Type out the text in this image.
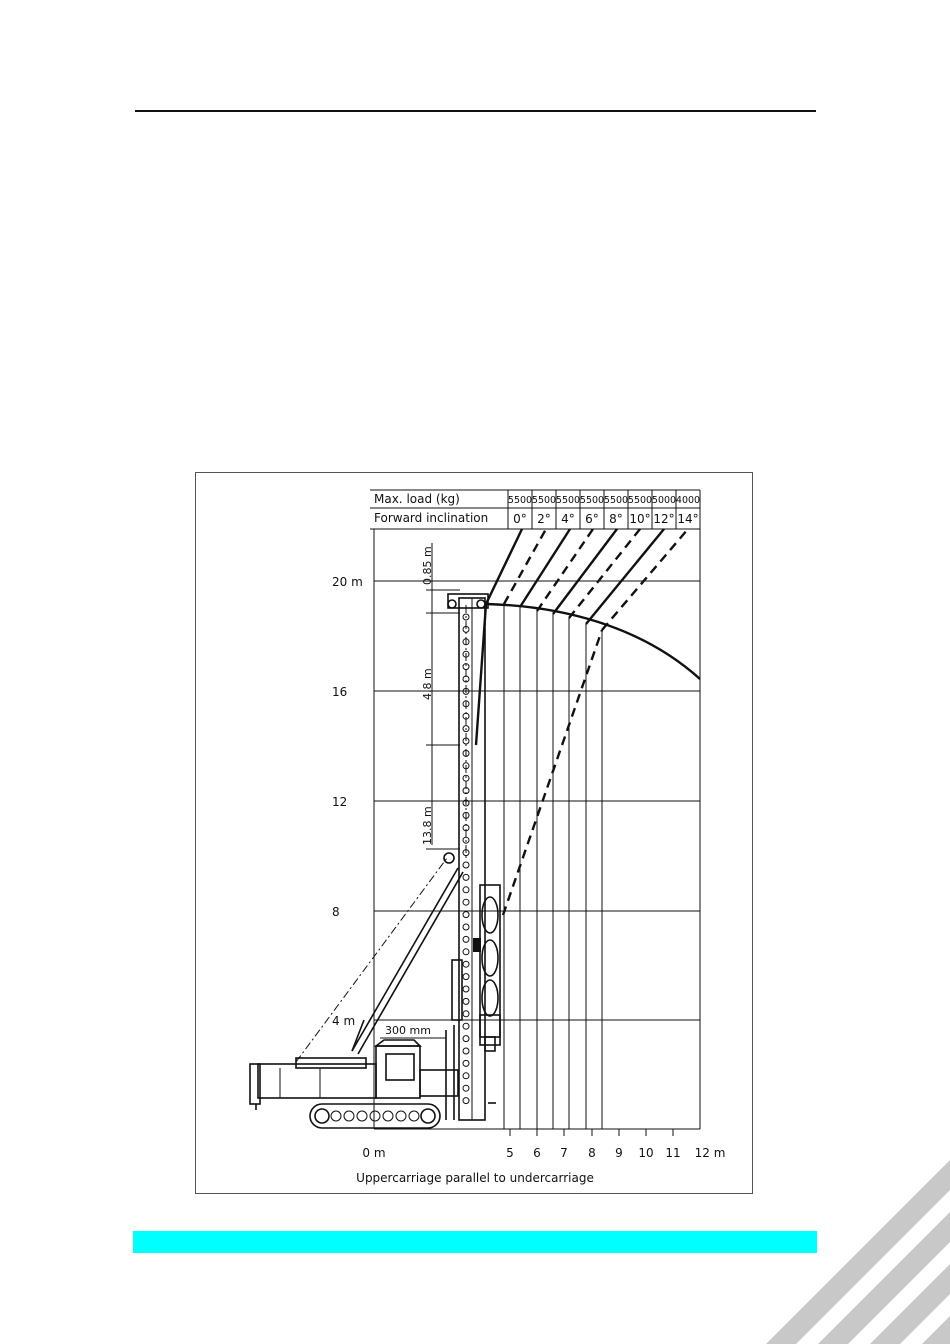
Max. load (kg)
Forward inclination
5500 5500 5500 5500 5500 5500 5000 4000
0° 2° 4° 6° 8° 10° 12° 14°
20 m
16
12
8
4 m
0 m	5 6 7 8 9 10 11 12 m
Uppercarriage parallel to undercarriage
0.85 m
4.8 m
13.8 m
300 mm
